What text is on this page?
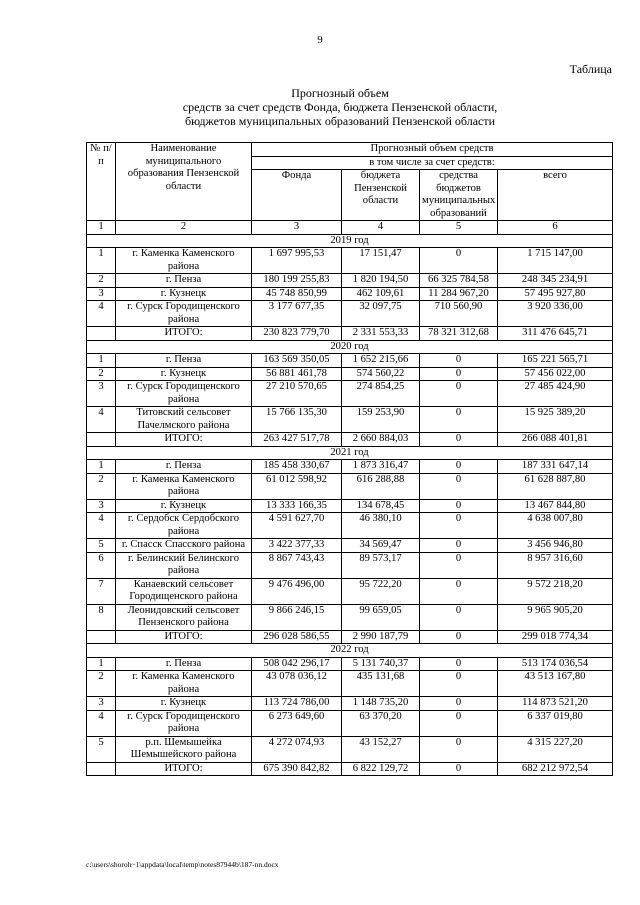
9
Таблица
Прогнозный объем
средств за счет средств Фонда, бюджета Пензенской области,
бюджетов муниципальных образований Пензенской области
№ п/п	Наименование муниципального образования Пензенской области	Прогнозный объем средств			
		в том числе за счет средств:			
		Фонда	бюджета Пензенской области	средства бюджетов муниципальных образований	всего
1	2	3	4	5	6
2019 год					
1	г. Каменка Каменского района	1 697 995,53	17 151,47	0	1 715 147,00
2	г. Пенза	180 199 255,83	1 820 194,50	66 325 784,58	248 345 234,91
3	г. Кузнецк	45 748 850,99	462 109,61	11 284 967,20	57 495 927,80
4	г. Сурск Городищенского района	3 177 677,35	32 097,75	710 560,90	3 920 336,00
	ИТОГО:	230 823 779,70	2 331 553,33	78 321 312,68	311 476 645,71
2020 год					
1	г. Пенза	163 569 350,05	1 652 215,66	0	165 221 565,71
2	г. Кузнецк	56 881 461,78	574 560,22	0	57 456 022,00
3	г. Сурск Городищенского района	27 210 570,65	274 854,25	0	27 485 424,90
4	Титовский сельсовет Пачелмского района	15 766 135,30	159 253,90	0	15 925 389,20
	ИТОГО:	263 427 517,78	2 660 884,03	0	266 088 401,81
2021 год					
1	г. Пенза	185 458 330,67	1 873 316,47	0	187 331 647,14
2	г. Каменка Каменского района	61 012 598,92	616 288,88	0	61 628 887,80
3	г. Кузнецк	13 333 166,35	134 678,45	0	13 467 844,80
4	г. Сердобск Сердобского района	4 591 627,70	46 380,10	0	4 638 007,80
5	г. Спасск Спасского района	3 422 377,33	34 569,47	0	3 456 946,80
6	г. Белинский Белинского района	8 867 743,43	89 573,17	0	8 957 316,60
7	Канаевский сельсовет Городищенского района	9 476 496,00	95 722,20	0	9 572 218,20
8	Леонидовский сельсовет Пензенского района	9 866 246,15	99 659,05	0	9 965 905,20
	ИТОГО:	296 028 586,55	2 990 187,79	0	299 018 774,34
2022 год					
1	г. Пенза	508 042 296,17	5 131 740,37	0	513 174 036,54
2	г. Каменка Каменского района	43 078 036,12	435 131,68	0	43 513 167,80
3	г. Кузнецк	113 724 786,00	1 148 735,20	0	114 873 521,20
4	г. Сурск Городищенского района	6 273 649,60	63 370,20	0	6 337 019,80
5	р.п. Шемышейка Шемышейского района	4 272 074,93	43 152,27	0	4 315 227,20
	ИТОГО:	675 390 842,82	6 822 129,72	0	682 212 972,54
c:\users\shoroh~1\appdata\local\temp\notes87944b\187-nn.docx
